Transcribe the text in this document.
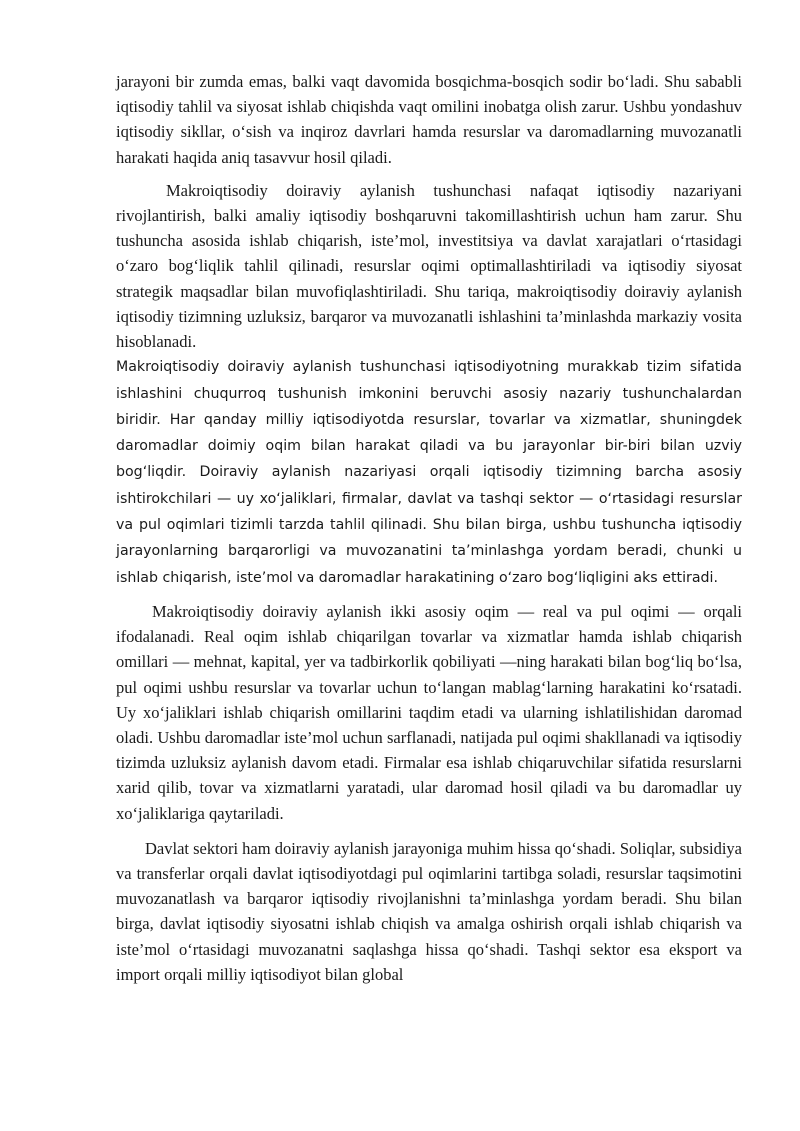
jarayoni bir zumda emas, balki vaqt davomida bosqichma-bosqich sodir boʻladi. Shu sababli iqtisodiy tahlil va siyosat ishlab chiqishda vaqt omilini inobatga olish zarur. Ushbu yondashuv iqtisodiy sikllar, oʻsish va inqiroz davrlari hamda resurslar va daromadlarning muvozanatli harakati haqida aniq tasavvur hosil qiladi.

Makroiqtisodiy doiraviy aylanish tushunchasi nafaqat iqtisodiy nazariyani rivojlantirish, balki amaliy iqtisodiy boshqaruvni takomillashtirish uchun ham zarur. Shu tushuncha asosida ishlab chiqarish, iste’mol, investitsiya va davlat xarajatlari oʻrtasidagi oʻzaro bogʻliqlik tahlil qilinadi, resurslar oqimi optimallashtiriladi va iqtisodiy siyosat strategik maqsadlar bilan muvofiqlashtiriladi. Shu tariqa, makroiqtisodiy doiraviy aylanish iqtisodiy tizimning uzluksiz, barqaror va muvozanatli ishlashini ta’minlashda markaziy vosita hisoblanadi.

Makroiqtisodiy doiraviy aylanish tushunchasi iqtisodiyotning murakkab tizim sifatida ishlashini chuqurroq tushunish imkonini beruvchi asosiy nazariy tushunchalardan biridir. Har qanday milliy iqtisodiyotda resurslar, tovarlar va xizmatlar, shuningdek daromadlar doimiy oqim bilan harakat qiladi va bu jarayonlar bir-biri bilan uzviy bogʻliqdir. Doiraviy aylanish nazariyasi orqali iqtisodiy tizimning barcha asosiy ishtirokchilari — uy xoʻjaliklari, firmalar, davlat va tashqi sektor — oʻrtasidagi resurslar va pul oqimlari tizimli tarzda tahlil qilinadi. Shu bilan birga, ushbu tushuncha iqtisodiy jarayonlarning barqarorligi va muvozanatini ta’minlashga yordam beradi, chunki u ishlab chiqarish, iste’mol va daromadlar harakatining oʻzaro bogʻliqligini aks ettiradi.

Makroiqtisodiy doiraviy aylanish ikki asosiy oqim — real va pul oqimi — orqali ifodalanadi. Real oqim ishlab chiqarilgan tovarlar va xizmatlar hamda ishlab chiqarish omillari — mehnat, kapital, yer va tadbirkorlik qobiliyati —ning harakati bilan bogʻliq boʻlsa, pul oqimi ushbu resurslar va tovarlar uchun toʻlangan mablagʻlarning harakatini koʻrsatadi. Uy xoʻjaliklari ishlab chiqarish omillarini taqdim etadi va ularning ishlatilishidan daromad oladi. Ushbu daromadlar iste’mol uchun sarflanadi, natijada pul oqimi shakllanadi va iqtisodiy tizimda uzluksiz aylanish davom etadi. Firmalar esa ishlab chiqaruvchilar sifatida resurslarni xarid qilib, tovar va xizmatlarni yaratadi, ular daromad hosil qiladi va bu daromadlar uy xoʻjaliklariga qaytariladi.

Davlat sektori ham doiraviy aylanish jarayoniga muhim hissa qoʻshadi. Soliqlar, subsidiya va transferlar orqali davlat iqtisodiyotdagi pul oqimlarini tartibga soladi, resurslar taqsimotini muvozanatlash va barqaror iqtisodiy rivojlanishni ta’minlashga yordam beradi. Shu bilan birga, davlat iqtisodiy siyosatni ishlab chiqish va amalga oshirish orqali ishlab chiqarish va iste’mol oʻrtasidagi muvozanatni saqlashga hissa qoʻshadi. Tashqi sektor esa eksport va import orqali milliy iqtisodiyot bilan global
